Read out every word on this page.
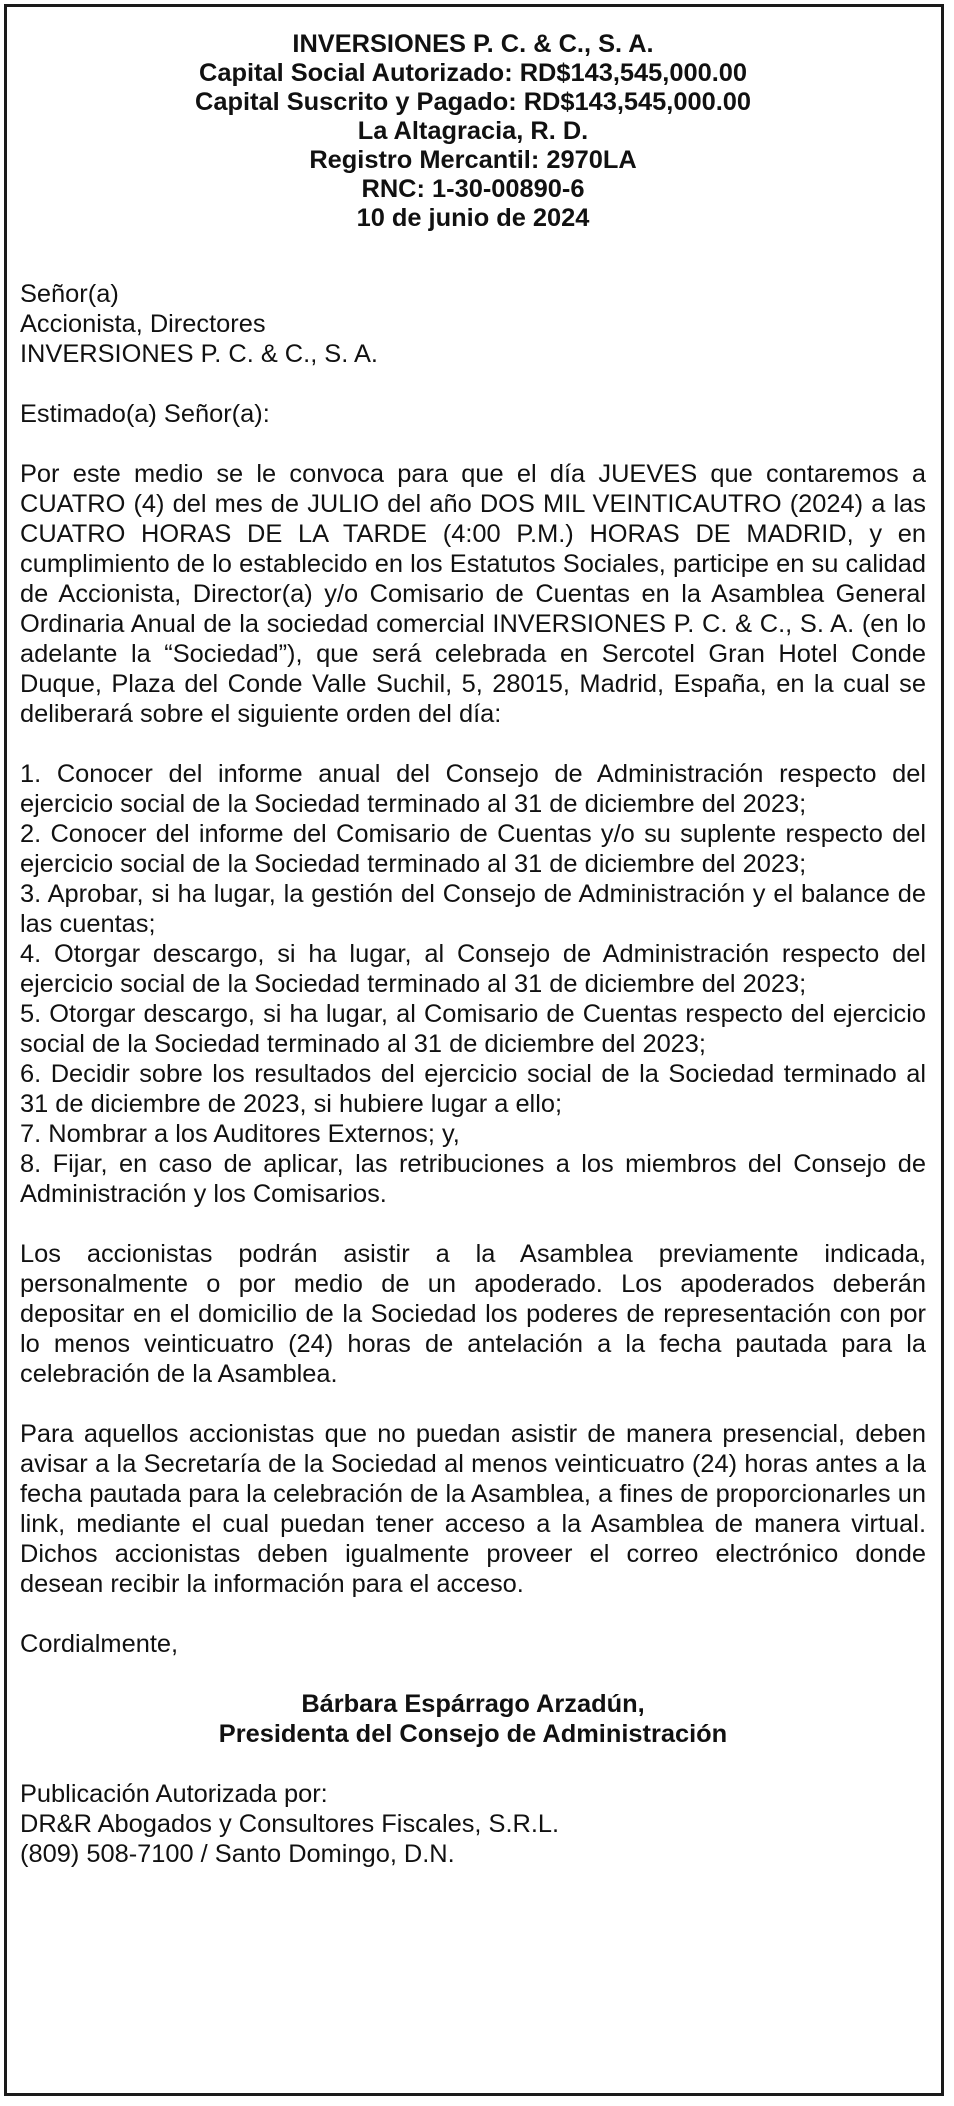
INVERSIONES P. C. & C., S. A.
Capital Social Autorizado: RD$143,545,000.00
Capital Suscrito y Pagado: RD$143,545,000.00
La Altagracia, R. D.
Registro Mercantil: 2970LA
RNC: 1-30-00890-6
10 de junio de 2024
Señor(a)
Accionista, Directores
INVERSIONES P. C. & C., S. A.
Estimado(a) Señor(a):
Por este medio se le convoca para que el día JUEVES que contaremos a CUATRO (4) del mes de JULIO del año DOS MIL VEINTICAUTRO (2024) a las CUATRO HORAS DE LA TARDE (4:00 P.M.) HORAS DE MADRID, y en cumplimiento de lo establecido en los Estatutos Sociales, participe en su calidad de Accionista, Director(a) y/o Comisario de Cuentas en la Asamblea General Ordinaria Anual de la sociedad comercial INVERSIONES P. C. & C., S. A. (en lo adelante la “Sociedad”), que será celebrada en Sercotel Gran Hotel Conde Duque, Plaza del Conde Valle Suchil, 5, 28015, Madrid, España, en la cual se deliberará sobre el siguiente orden del día:
1. Conocer del informe anual del Consejo de Administración respecto del ejercicio social de la Sociedad terminado al 31 de diciembre del 2023;
2. Conocer del informe del Comisario de Cuentas y/o su suplente respecto del ejercicio social de la Sociedad terminado al 31 de diciembre del 2023;
3. Aprobar, si ha lugar, la gestión del Consejo de Administración y el balance de las cuentas;
4. Otorgar descargo, si ha lugar, al Consejo de Administración respecto del ejercicio social de la Sociedad terminado al 31 de diciembre del 2023;
5. Otorgar descargo, si ha lugar, al Comisario de Cuentas respecto del ejercicio social de la Sociedad terminado al 31 de diciembre del 2023;
6. Decidir sobre los resultados del ejercicio social de la Sociedad terminado al 31 de diciembre de 2023, si hubiere lugar a ello;
7. Nombrar a los Auditores Externos; y,
8. Fijar, en caso de aplicar, las retribuciones a los miembros del Consejo de Administración y los Comisarios.
Los accionistas podrán asistir a la Asamblea previamente indicada, personalmente o por medio de un apoderado. Los apoderados deberán depositar en el domicilio de la Sociedad los poderes de representación con por lo menos veinticuatro (24) horas de antelación a la fecha pautada para la celebración de la Asamblea.
Para aquellos accionistas que no puedan asistir de manera presencial, deben avisar a la Secretaría de la Sociedad al menos veinticuatro (24) horas antes a la fecha pautada para la celebración de la Asamblea, a fines de proporcionarles un link, mediante el cual puedan tener acceso a la Asamblea de manera virtual. Dichos accionistas deben igualmente proveer el correo electrónico donde desean recibir la información para el acceso.
Cordialmente,
Bárbara Espárrago Arzadún,
Presidenta del Consejo de Administración
Publicación Autorizada por:
DR&R Abogados y Consultores Fiscales, S.R.L.
(809) 508-7100 / Santo Domingo, D.N.
